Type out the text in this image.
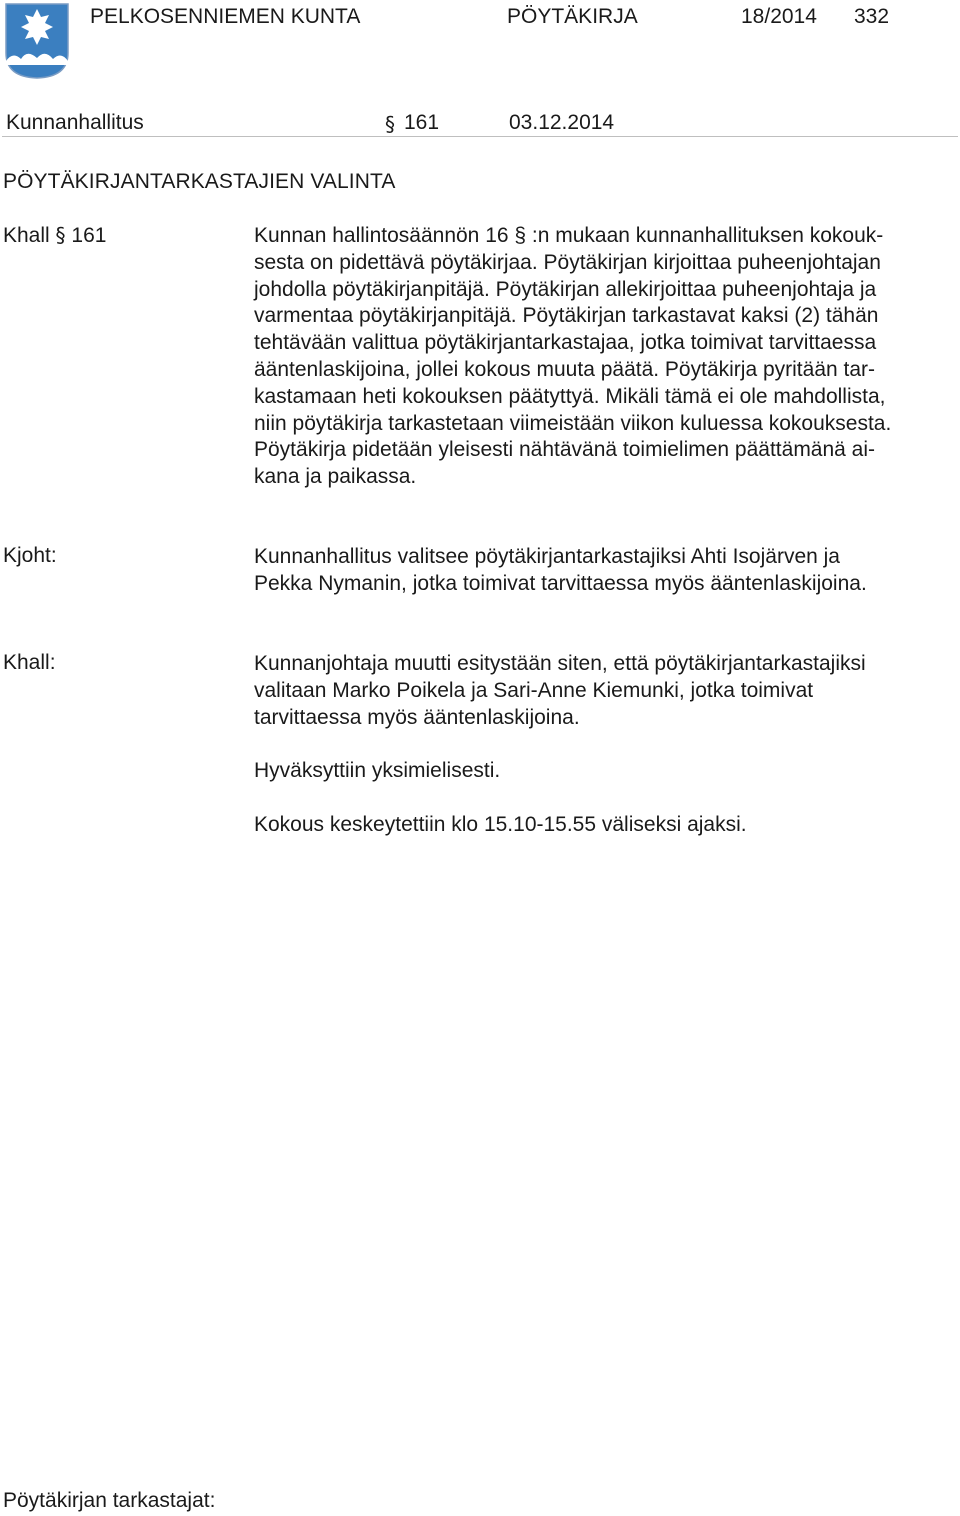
PELKOSENNIEMEN KUNTA	PÖYTÄKIRJA	18/2014 332
Kunnanhallitus	§ 161	03.12.2014
PÖYTÄKIRJANTARKASTAJIEN VALINTA
Khall § 161	Kunnan hallintosäännön 16 § :n mukaan kunnanhallituksen kokouk-
sesta on pidettävä pöytäkirjaa. Pöytäkirjan kirjoittaa puheenjohtajan
johdolla pöytäkirjanpitäjä. Pöytäkirjan allekirjoittaa puheenjohtaja ja
varmentaa pöytäkirjanpitäjä. Pöytäkirjan tarkastavat kaksi (2) tähän
tehtävään valittua pöytäkirjantarkastajaa, jotka toimivat tarvittaessa
ääntenlaskijoina, jollei kokous muuta päätä. Pöytäkirja pyritään tar-
kastamaan heti kokouksen päätyttyä. Mikäli tämä ei ole mahdollista,
niin pöytäkirja tarkastetaan viimeistään viikon kuluessa kokouksesta.
Pöytäkirja pidetään yleisesti nähtävänä toimielimen päättämänä ai-
kana ja paikassa.
Kjoht:	Kunnanhallitus valitsee pöytäkirjantarkastajiksi Ahti Isojärven ja
Pekka Nymanin, jotka toimivat tarvittaessa myös ääntenlaskijoina.
Khall:	Kunnanjohtaja muutti esitystään siten, että pöytäkirjantarkastajiksi
valitaan Marko Poikela ja Sari-Anne Kiemunki, jotka toimivat
tarvittaessa myös ääntenlaskijoina.
Hyväksyttiin yksimielisesti.
Kokous keskeytettiin klo 15.10-15.55 väliseksi ajaksi.
Pöytäkirjan tarkastajat:
